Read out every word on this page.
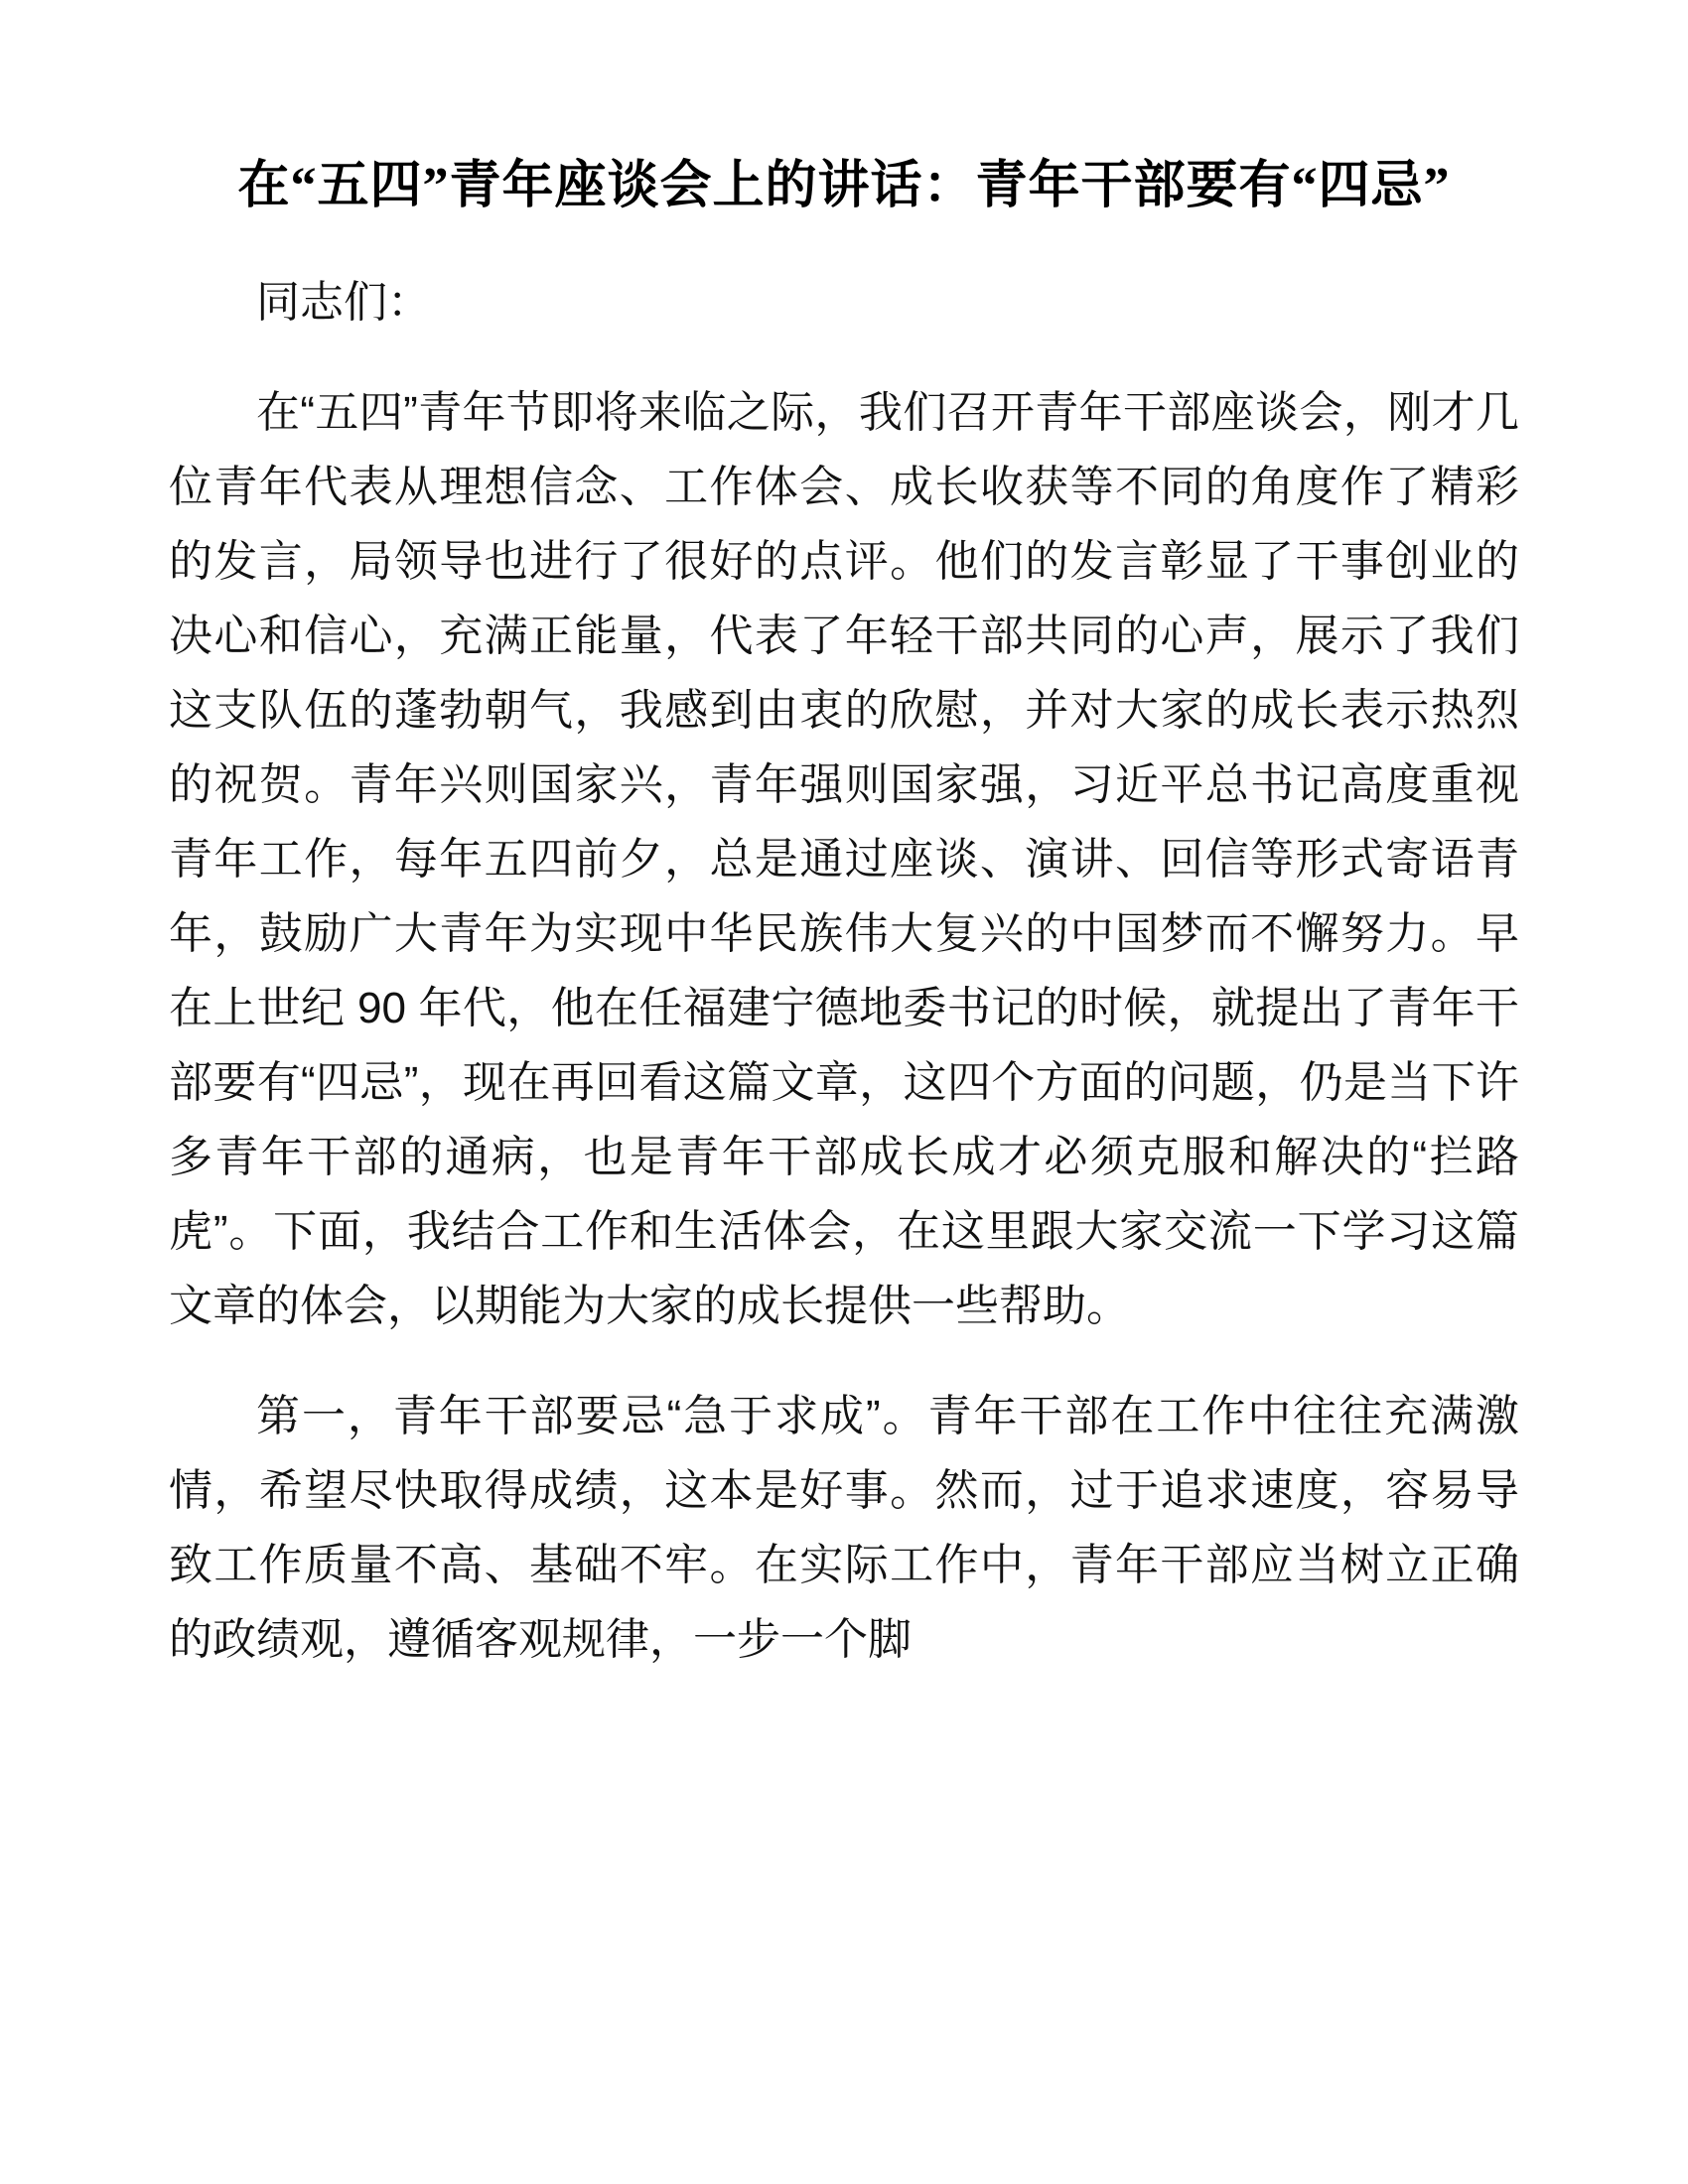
在“五四”青年座谈会上的讲话：青年干部要有“四忌”

同志们：

在“五四”青年节即将来临之际，我们召开青年干部座谈会，刚才几位青年代表从理想信念、工作体会、成长收获等不同的角度作了精彩的发言，局领导也进行了很好的点评。他们的发言彰显了干事创业的决心和信心，充满正能量，代表了年轻干部共同的心声，展示了我们这支队伍的蓬勃朝气，我感到由衷的欣慰，并对大家的成长表示热烈的祝贺。青年兴则国家兴，青年强则国家强，习近平总书记高度重视青年工作，每年五四前夕，总是通过座谈、演讲、回信等形式寄语青年，鼓励广大青年为实现中华民族伟大复兴的中国梦而不懈努力。早在上世纪 90 年代，他在任福建宁德地委书记的时候，就提出了青年干部要有“四忌”，现在再回看这篇文章，这四个方面的问题，仍是当下许多青年干部的通病，也是青年干部成长成才必须克服和解决的“拦路虎”。下面，我结合工作和生活体会，在这里跟大家交流一下学习这篇文章的体会，以期能为大家的成长提供一些帮助。

第一，青年干部要忌“急于求成”。青年干部在工作中往往充满激情，希望尽快取得成绩，这本是好事。然而，过于追求速度，容易导致工作质量不高、基础不牢。在实际工作中，青年干部应当树立正确的政绩观，遵循客观规律，一步一个脚
